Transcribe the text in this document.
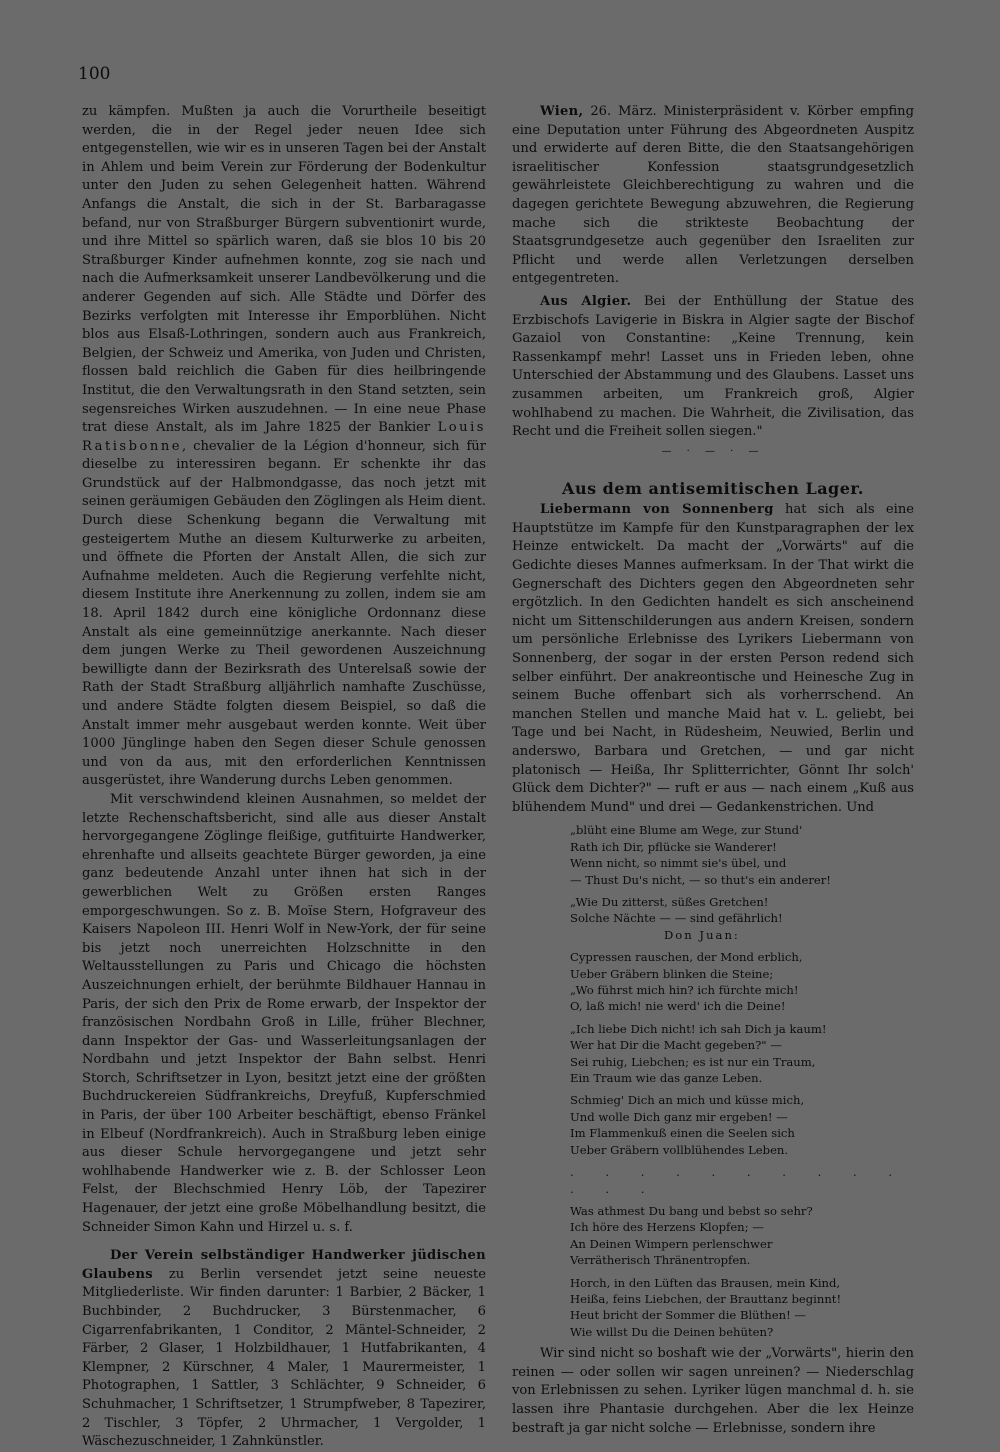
100

zu kämpfen. Mußten ja auch die Vorurtheile beseitigt werden, die in der Regel jeder neuen Idee sich entgegenstellen, wie wir es in unseren Tagen bei der Anstalt in Ahlem und beim Verein zur Förderung der Bodenkultur unter den Juden zu sehen Gelegenheit hatten. Während Anfangs die Anstalt, die sich in der St. Barbaragasse befand, nur von Straßburger Bürgern subventionirt wurde, und ihre Mittel so spärlich waren, daß sie blos 10 bis 20 Straßburger Kinder aufnehmen konnte, zog sie nach und nach die Aufmerksamkeit unserer Landbevölkerung und die anderer Gegenden auf sich. Alle Städte und Dörfer des Bezirks verfolgten mit Interesse ihr Emporblühen. Nicht blos aus Elsaß-Lothringen, sondern auch aus Frankreich, Belgien, der Schweiz und Amerika, von Juden und Christen, flossen bald reichlich die Gaben für dies heilbringende Institut, die den Verwaltungsrath in den Stand setzten, sein segensreiches Wirken auszudehnen. — In eine neue Phase trat diese Anstalt, als im Jahre 1825 der Bankier Louis Ratisbonne, chevalier de la Légion d'honneur, sich für dieselbe zu interessiren begann. Er schenkte ihr das Grundstück auf der Halbmondgasse, das noch jetzt mit seinen geräumigen Gebäuden den Zöglingen als Heim dient. Durch diese Schenkung begann die Verwaltung mit gesteigertem Muthe an diesem Kulturwerke zu arbeiten, und öffnete die Pforten der Anstalt Allen, die sich zur Aufnahme meldeten. Auch die Regierung verfehlte nicht, diesem Institute ihre Anerkennung zu zollen, indem sie am 18. April 1842 durch eine königliche Ordonnanz diese Anstalt als eine gemeinnützige anerkannte. Nach dieser dem jungen Werke zu Theil gewordenen Auszeichnung bewilligte dann der Bezirksrath des Unterelsaß sowie der Rath der Stadt Straßburg alljährlich namhafte Zuschüsse, und andere Städte folgten diesem Beispiel, so daß die Anstalt immer mehr ausgebaut werden konnte. Weit über 1000 Jünglinge haben den Segen dieser Schule genossen und von da aus, mit den erforderlichen Kenntnissen ausgerüstet, ihre Wanderung durchs Leben genommen.

Mit verschwindend kleinen Ausnahmen, so meldet der letzte Rechenschaftsbericht, sind alle aus dieser Anstalt hervorgegangene Zöglinge fleißige, gutfituirte Handwerker, ehrenhafte und allseits geachtete Bürger geworden, ja eine ganz bedeutende Anzahl unter ihnen hat sich in der gewerblichen Welt zu Größen ersten Ranges emporgeschwungen. So z. B. Moïse Stern, Hofgraveur des Kaisers Napoleon III. Henri Wolf in New-York, der für seine bis jetzt noch unerreichten Holzschnitte in den Weltausstellungen zu Paris und Chicago die höchsten Auszeichnungen erhielt, der berühmte Bildhauer Hannau in Paris, der sich den Prix de Rome erwarb, der Inspektor der französischen Nordbahn Groß in Lille, früher Blechner, dann Inspektor der Gas- und Wasserleitungsanlagen der Nordbahn und jetzt Inspektor der Bahn selbst. Henri Storch, Schriftsetzer in Lyon, besitzt jetzt eine der größten Buchdruckereien Südfrankreichs, Dreyfuß, Kupferschmied in Paris, der über 100 Arbeiter beschäftigt, ebenso Fränkel in Elbeuf (Nordfrankreich). Auch in Straßburg leben einige aus dieser Schule hervorgegangene und jetzt sehr wohlhabende Handwerker wie z. B. der Schlosser Leon Felst, der Blechschmied Henry Löb, der Tapezirer Hagenauer, der jetzt eine große Möbelhandlung besitzt, die Schneider Simon Kahn und Hirzel u. s. f.

Der Verein selbständiger Handwerker jüdischen Glaubens zu Berlin versendet jetzt seine neueste Mitgliederliste. Wir finden darunter: 1 Barbier, 2 Bäcker, 1 Buchbinder, 2 Buchdrucker, 3 Bürstenmacher, 6 Cigarrenfabrikanten, 1 Conditor, 2 Mäntel-Schneider, 2 Färber, 2 Glaser, 1 Holzbildhauer, 1 Hutfabrikanten, 4 Klempner, 2 Kürschner, 4 Maler, 1 Maurermeister, 1 Photographen, 1 Sattler, 3 Schlächter, 9 Schneider, 6 Schuhmacher, 1 Schriftsetzer, 1 Strumpfweber, 8 Tapezirer, 2 Tischler, 3 Töpfer, 2 Uhrmacher, 1 Vergolder, 1 Wäschezuschneider, 1 Zahnkünstler.

Wien, 26. März. Ministerpräsident v. Körber empfing eine Deputation unter Führung des Abgeordneten Auspitz und erwiderte auf deren Bitte, die den Staatsangehörigen israelitischer Konfession staatsgrundgesetzlich gewährleistete Gleichberechtigung zu wahren und die dagegen gerichtete Bewegung abzuwehren, die Regierung mache sich die strikteste Beobachtung der Staatsgrundgesetze auch gegenüber den Israeliten zur Pflicht und werde allen Verletzungen derselben entgegentreten.

Aus Algier. Bei der Enthüllung der Statue des Erzbischofs Lavigerie in Biskra in Algier sagte der Bischof Gazaiol von Constantine: „Keine Trennung, kein Rassenkampf mehr! Lasset uns in Frieden leben, ohne Unterschied der Abstammung und des Glaubens. Lasset uns zusammen arbeiten, um Frankreich groß, Algier wohlhabend zu machen. Die Wahrheit, die Zivilisation, das Recht und die Freiheit sollen siegen."

— · — · —
Aus dem antisemitischen Lager.

Liebermann von Sonnenberg hat sich als eine Hauptstütze im Kampfe für den Kunstparagraphen der lex Heinze entwickelt. Da macht der „Vorwärts" auf die Gedichte dieses Mannes aufmerksam. In der That wirkt die Gegnerschaft des Dichters gegen den Abgeordneten sehr ergötzlich. In den Gedichten handelt es sich anscheinend nicht um Sittenschilderungen aus andern Kreisen, sondern um persönliche Erlebnisse des Lyrikers Liebermann von Sonnenberg, der sogar in der ersten Person redend sich selber einführt. Der anakreontische und Heinesche Zug in seinem Buche offenbart sich als vorherrschend. An manchen Stellen und manche Maid hat v. L. geliebt, bei Tage und bei Nacht, in Rüdesheim, Neuwied, Berlin und anderswo, Barbara und Gretchen, — und gar nicht platonisch — Heißa, Ihr Splitterrichter, Gönnt Ihr solch' Glück dem Dichter?" — ruft er aus — nach einem „Kuß aus blühendem Mund" und drei — Gedankenstrichen. Und

„blüht eine Blume am Wege, zur Stund'
Rath ich Dir, pflücke sie Wanderer!
Wenn nicht, so nimmt sie's übel, und
— Thust Du's nicht, — so thut's ein anderer!
„Wie Du zitterst, süßes Gretchen!
Solche Nächte — — sind gefährlich!
Don Juan:
Cypressen rauschen, der Mond erblich,
Ueber Gräbern blinken die Steine;
„Wo führst mich hin? ich fürchte mich!
O, laß mich! nie werd' ich die Deine!
„Ich liebe Dich nicht! ich sah Dich ja kaum!
Wer hat Dir die Macht gegeben?" —
Sei ruhig, Liebchen; es ist nur ein Traum,
Ein Traum wie das ganze Leben.
Schmieg' Dich an mich und küsse mich,
Und wolle Dich ganz mir ergeben! —
Im Flammenkuß einen die Seelen sich
Ueber Gräbern vollblühendes Leben.
. . . . . . . . . . . . .
Was athmest Du bang und bebst so sehr?
Ich höre des Herzens Klopfen; —
An Deinen Wimpern perlenschwer
Verrätherisch Thränentropfen.
Horch, in den Lüften das Brausen, mein Kind,
Heißa, feins Liebchen, der Brauttanz beginnt!
Heut bricht der Sommer die Blüthen! —
Wie willst Du die Deinen behüten?

Wir sind nicht so boshaft wie der „Vorwärts", hierin den reinen — oder sollen wir sagen unreinen? — Niederschlag von Erlebnissen zu sehen. Lyriker lügen manchmal d. h. sie lassen ihre Phantasie durchgehen. Aber die lex Heinze bestraft ja gar nicht solche — Erlebnisse, sondern ihre
